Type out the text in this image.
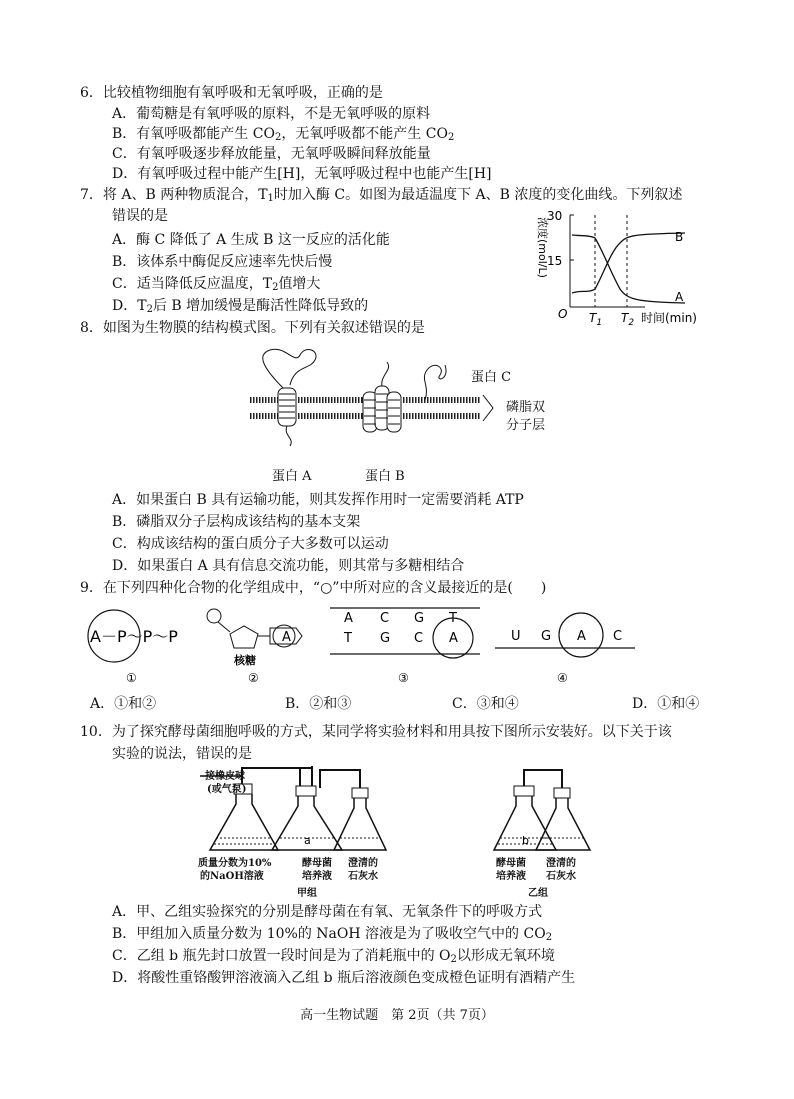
6．比较植物细胞有氧呼吸和无氧呼吸，正确的是
A．葡萄糖是有氧呼吸的原料，不是无氧呼吸的原料
B．有氧呼吸都能产生 $CO_2$，无氧呼吸都不能产生 $CO_2$
C．有氧呼吸逐步释放能量，无氧呼吸瞬间释放能量
D．有氧呼吸过程中能产生[H]，无氧呼吸过程中也能产生[H]
7．将 A、B 两种物质混合，$T_1$时加入酶 C。如图为最适温度下 A、B 浓度的变化曲线。下列叙述
错误的是
A．酶 C 降低了 A 生成 B 这一反应的活化能
B．该体系中酶促反应速率先快后慢
C．适当降低反应温度，$T_2$值增大
D．$T_2$后 B 增加缓慢是酶活性降低导致的
30
15
浓度(mol/L)
O $T_1$ $T_2$ 时间(min)
B
A
8．如图为生物膜的结构模式图。下列有关叙述错误的是
蛋白 C
磷脂双
分子层
蛋白 A	蛋白 B
A．如果蛋白 B 具有运输功能，则其发挥作用时一定需要消耗 ATP
B．磷脂双分子层构成该结构的基本支架
C．构成该结构的蛋白质分子大多数可以运动
D．如果蛋白 A 具有信息交流功能，则其常与多糖相结合
9．在下列四种化合物的化学组成中，“○”中所对应的含义最接近的是(　　)
A－P～P～P
①
A
核糖
②
A C G T
T G C A
③
U G A C
④
A．①和②	B．②和③	C．③和④	D．①和④
10．为了探究酵母菌细胞呼吸的方式，某同学将实验材料和用具按下图所示安装好。以下关于该
实验的说法，错误的是
a
接橡皮球
(或气泵)
质量分数为10%
的NaOH溶液
酵母菌
培养液
澄清的
石灰水
甲组
b
酵母菌
培养液
澄清的
石灰水
乙组
A．甲、乙组实验探究的分别是酵母菌在有氧、无氧条件下的呼吸方式
B．甲组加入质量分数为 10%的 NaOH 溶液是为了吸收空气中的 $CO_2$
C．乙组 b 瓶先封口放置一段时间是为了消耗瓶中的 $O_2$以形成无氧环境
D．将酸性重铬酸钾溶液滴入乙组 b 瓶后溶液颜色变成橙色证明有酒精产生
高一生物试题　第 2页（共 7页）
